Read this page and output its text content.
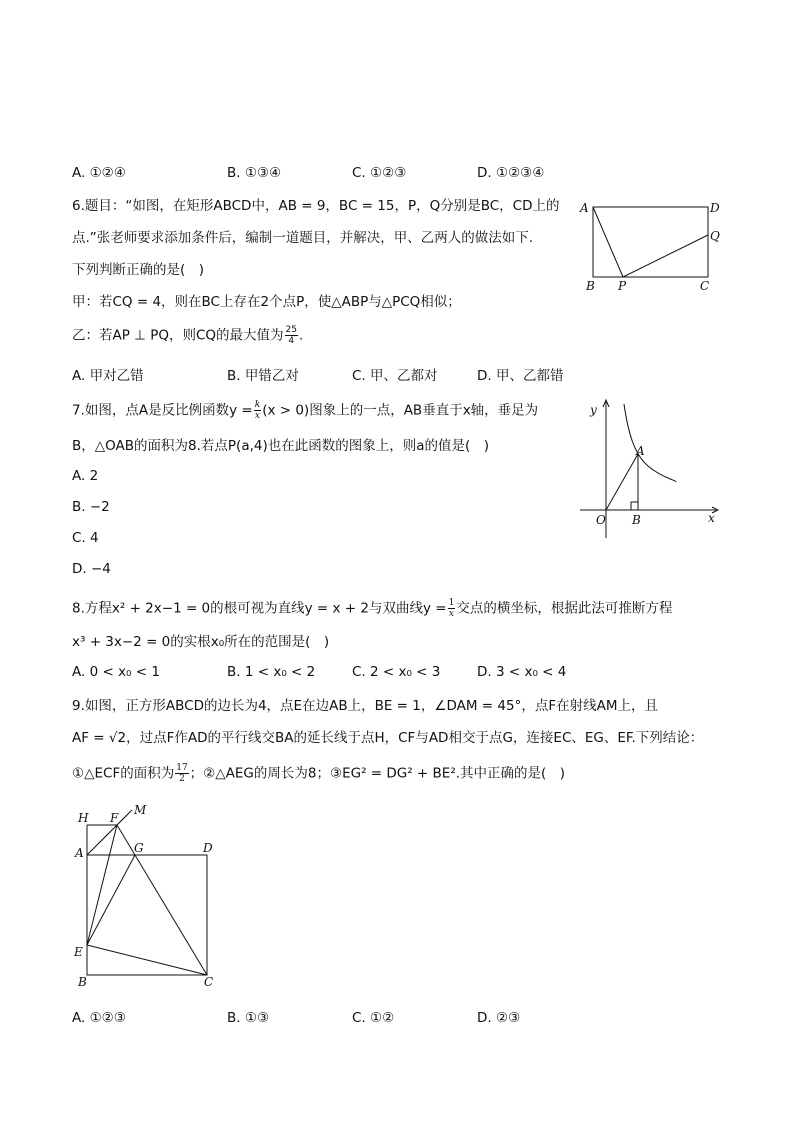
A. ①②④	B. ①③④	C. ①②③	D. ①②③④
6.题目：“如图，在矩形ABCD中，AB = 9，BC = 15，P，Q分别是BC，CD上的
点.”张老师要求添加条件后，编制一道题目，并解决，甲、乙两人的做法如下.
下列判断正确的是(　)
甲：若CQ = 4，则在BC上存在2个点P，使△ABP与△PCQ相似；
乙：若AP ⊥ PQ，则CQ的最大值为 $\frac{25}{4}$ .
A. 甲对乙错	B. 甲错乙对	C. 甲、乙都对	D. 甲、乙都错
A	D
Q
B P	C
7.如图，点A是反比例函数$y = \frac{k}{x} (x > 0)$图象上的一点，AB垂直于x轴，垂足为
B，△OAB的面积为8.若点P(a,4)也在此函数的图象上，则a的值是(　)
A. 2
B. −2
C. 4
D. −4
y
x
O
A
B
8.方程x² + 2x−1 = 0的根可视为直线y = x + 2与双曲线$y = \frac{1}{x}$ 交点的横坐标，根据此法可推断方程
x³ + 3x−2 = 0的实根x₀所在的范围是(　)
A. 0 < x₀ < 1	B. 1 < x₀ < 2	C. 2 < x₀ < 3	D. 3 < x₀ < 4
9.如图，正方形ABCD的边长为4，点E在边AB上，BE = 1，∠DAM = 45°，点F在射线AM上，且
AF = √2，过点F作AD的平行线交BA的延长线于点H，CF与AD相交于点G，连接EC、EG、EF.下列结论：
①△ECF的面积为 $\frac{17}{2}$ ；②△AEG的周长为8；③EG² = DG² + BE².其中正确的是(　)
H F
M
A	G	D
E
B	C
A. ①②③	B. ①③	C. ①②	D. ②③
